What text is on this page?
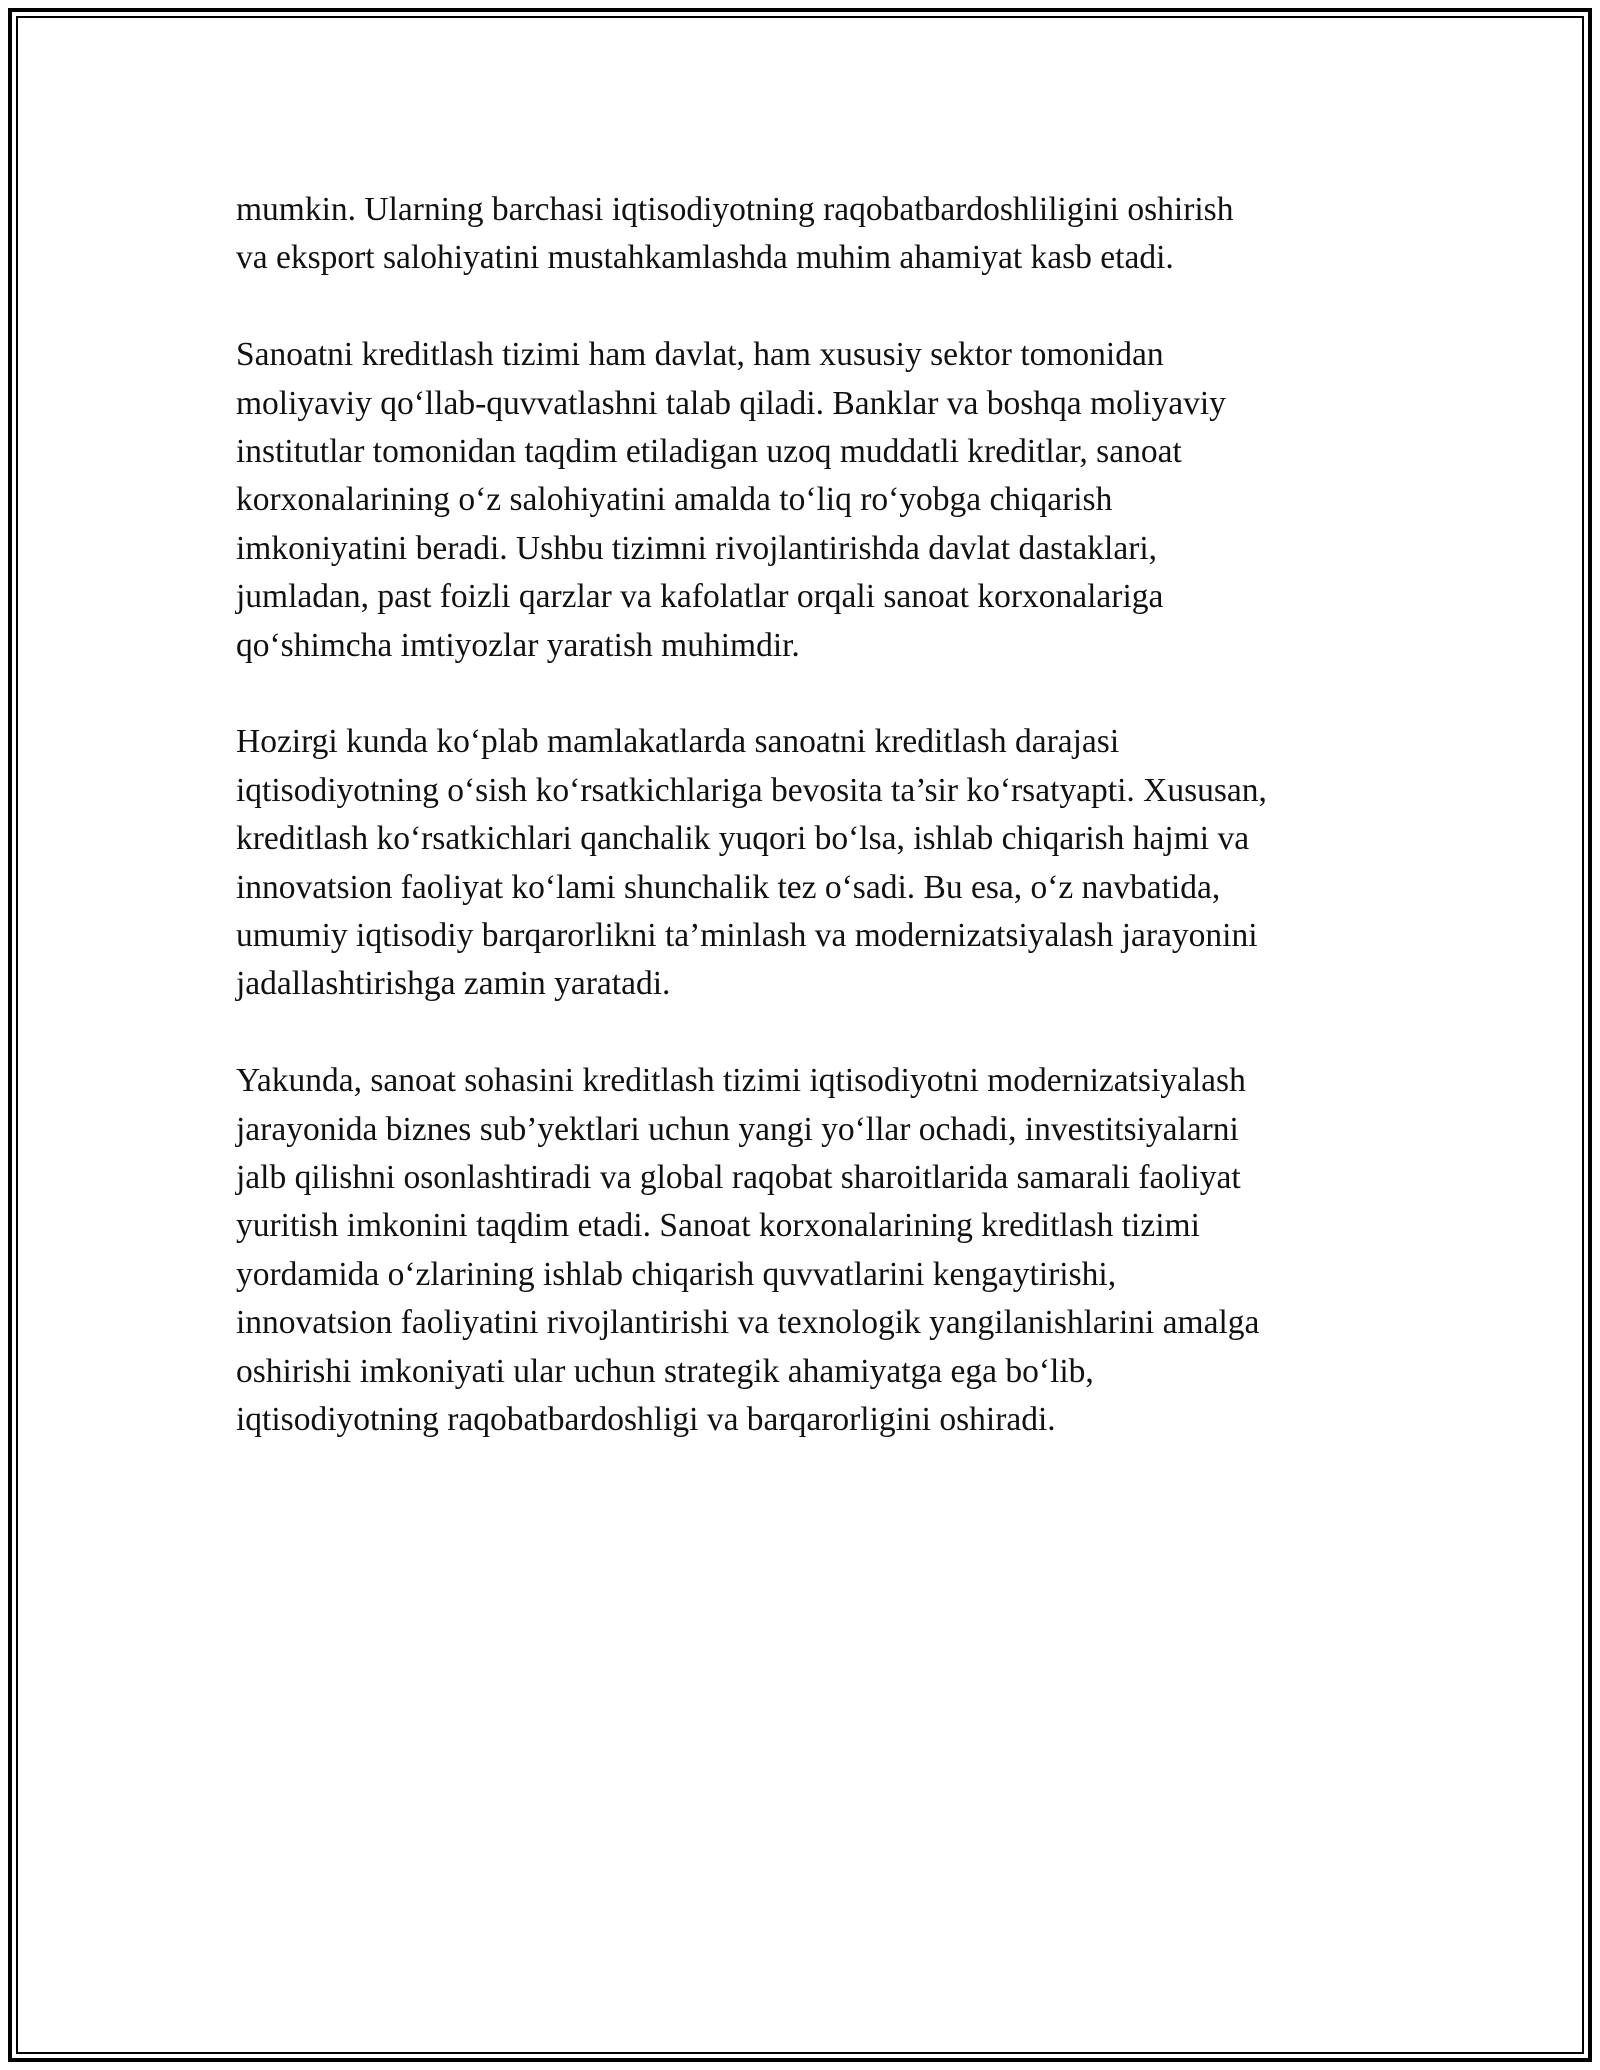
mumkin. Ularning barchasi iqtisodiyotning raqobatbardoshliligini oshirish
va eksport salohiyatini mustahkamlashda muhim ahamiyat kasb etadi.

Sanoatni kreditlash tizimi ham davlat, ham xususiy sektor tomonidan
moliyaviy qo‘llab-quvvatlashni talab qiladi. Banklar va boshqa moliyaviy
institutlar tomonidan taqdim etiladigan uzoq muddatli kreditlar, sanoat
korxonalarining o‘z salohiyatini amalda to‘liq ro‘yobga chiqarish
imkoniyatini beradi. Ushbu tizimni rivojlantirishda davlat dastaklari,
jumladan, past foizli qarzlar va kafolatlar orqali sanoat korxonalariga
qo‘shimcha imtiyozlar yaratish muhimdir.

Hozirgi kunda ko‘plab mamlakatlarda sanoatni kreditlash darajasi
iqtisodiyotning o‘sish ko‘rsatkichlariga bevosita ta’sir ko‘rsatyapti. Xususan,
kreditlash ko‘rsatkichlari qanchalik yuqori bo‘lsa, ishlab chiqarish hajmi va
innovatsion faoliyat ko‘lami shunchalik tez o‘sadi. Bu esa, o‘z navbatida,
umumiy iqtisodiy barqarorlikni ta’minlash va modernizatsiyalash jarayonini
jadallashtirishga zamin yaratadi.

Yakunda, sanoat sohasini kreditlash tizimi iqtisodiyotni modernizatsiyalash
jarayonida biznes sub’yektlari uchun yangi yo‘llar ochadi, investitsiyalarni
jalb qilishni osonlashtiradi va global raqobat sharoitlarida samarali faoliyat
yuritish imkonini taqdim etadi. Sanoat korxonalarining kreditlash tizimi
yordamida o‘zlarining ishlab chiqarish quvvatlarini kengaytirishi,
innovatsion faoliyatini rivojlantirishi va texnologik yangilanishlarini amalga
oshirishi imkoniyati ular uchun strategik ahamiyatga ega bo‘lib,
iqtisodiyotning raqobatbardoshligi va barqarorligini oshiradi.
